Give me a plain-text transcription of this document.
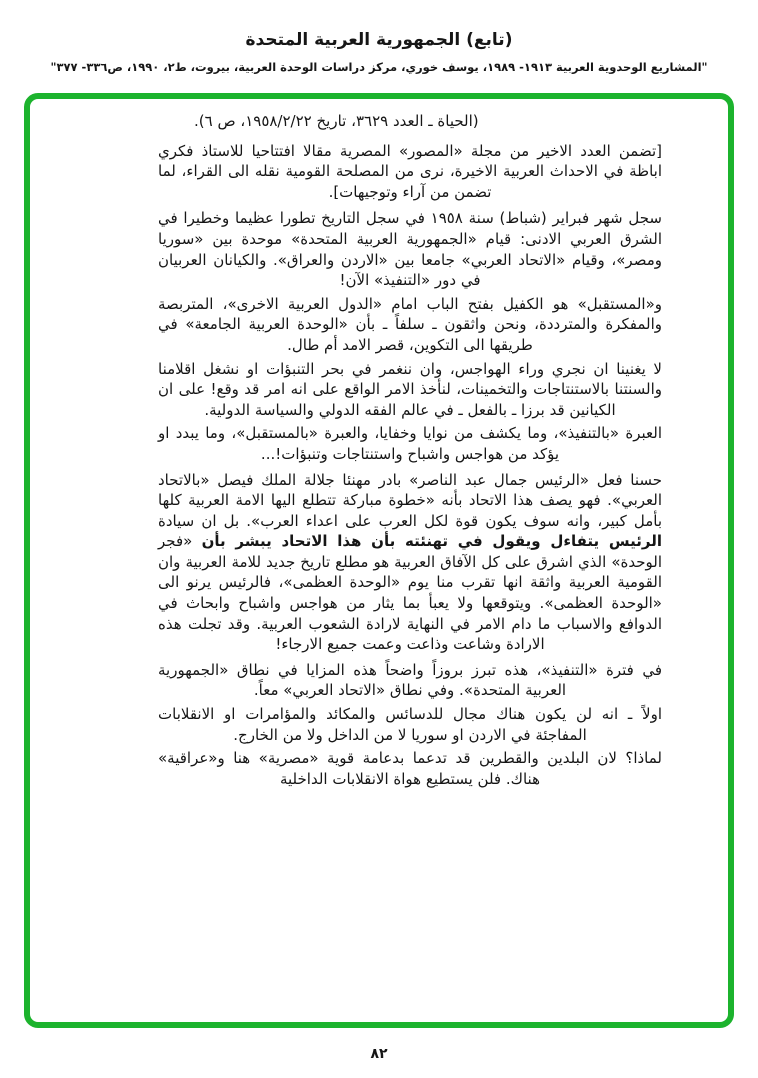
(تابع) الجمهورية العربية المتحدة
"المشاريع الوحدوية العربية ١٩١٣- ١٩٨٩، يوسف خوري، مركز دراسات الوحدة العربية، بيروت، ط٢، ١٩٩٠، ص٣٣٦- ٣٧٧"

(الحياة ـ العدد ٣٦٢٩، تاريخ ١٩٥٨/٢/٢٢، ص ٦).

[تضمن العدد الاخير من مجلة «المصور» المصرية مقالا افتتاحيا للاستاذ فكري اباظة في الاحداث العربية الاخيرة، نرى من المصلحة القومية نقله الى القراء، لما تضمن من آراء وتوجيهات].

سجل شهر فبراير (شباط) سنة ١٩٥٨ في سجل التاريخ تطورا عظيما وخطيرا في الشرق العربي الادنى: قيام «الجمهورية العربية المتحدة» موحدة بين «سوريا ومصر»، وقيام «الاتحاد العربي» جامعا بين «الاردن والعراق». والكيانان العربيان في دور «التنفيذ» الآن!

و«المستقبل» هو الكفيل بفتح الباب امام «الدول العربية الاخرى»، المتربصة والمفكرة والمترددة، ونحن واثقون ـ سلفاً ـ بأن «الوحدة العربية الجامعة» في طريقها الى التكوين، قصر الامد أم طال.

لا يغنينا ان نجري وراء الهواجس، وان ننغمر في بحر التنبؤات او نشغل اقلامنا والسنتنا بالاستنتاجات والتخمينات، لنأخذ الامر الواقع على انه امر قد وقع! على ان الكيانين قد برزا ـ بالفعل ـ في عالم الفقه الدولي والسياسة الدولية.

العبرة «بالتنفيذ»، وما يكشف من نوايا وخفايا، والعبرة «بالمستقبل»، وما يبدد او يؤكد من هواجس واشباح واستنتاجات وتنبؤات!...

حسنا فعل «الرئيس جمال عبد الناصر» بادر مهنئا جلالة الملك فيصل «بالاتحاد العربي». فهو يصف هذا الاتحاد بأنه «خطوة مباركة تتطلع اليها الامة العربية كلها بأمل كبير، وانه سوف يكون قوة لكل العرب على اعداء العرب». بل ان سيادة الرئيس يتفاءل ويقول في تهنئته بأن هذا الاتحاد يبشر بأن «فجر الوحدة» الذي اشرق على كل الآفاق العربية هو مطلع تاريخ جديد للامة العربية وان القومية العربية واثقة انها تقرب منا يوم «الوحدة العظمى»، فالرئيس يرنو الى «الوحدة العظمى». ويتوقعها ولا يعبأ بما يثار من هواجس واشباح وابحاث في الدوافع والاسباب ما دام الامر في النهاية لارادة الشعوب العربية. وقد تجلت هذه الارادة وشاعت وذاعت وعمت جميع الارجاء!

في فترة «التنفيذ»، هذه تبرز بروزاً واضحاً هذه المزايا في نطاق «الجمهورية العربية المتحدة». وفي نطاق «الاتحاد العربي» معاً.

اولاً ـ انه لن يكون هناك مجال للدسائس والمكائد والمؤامرات او الانقلابات المفاجئة في الاردن او سوريا لا من الداخل ولا من الخارج.

لماذا؟ لان البلدين والقطرين قد تدعما بدعامة قوية «مصرية» هنا و«عراقية» هناك. فلن يستطيع هواة الانقلابات الداخلية

٨٢
